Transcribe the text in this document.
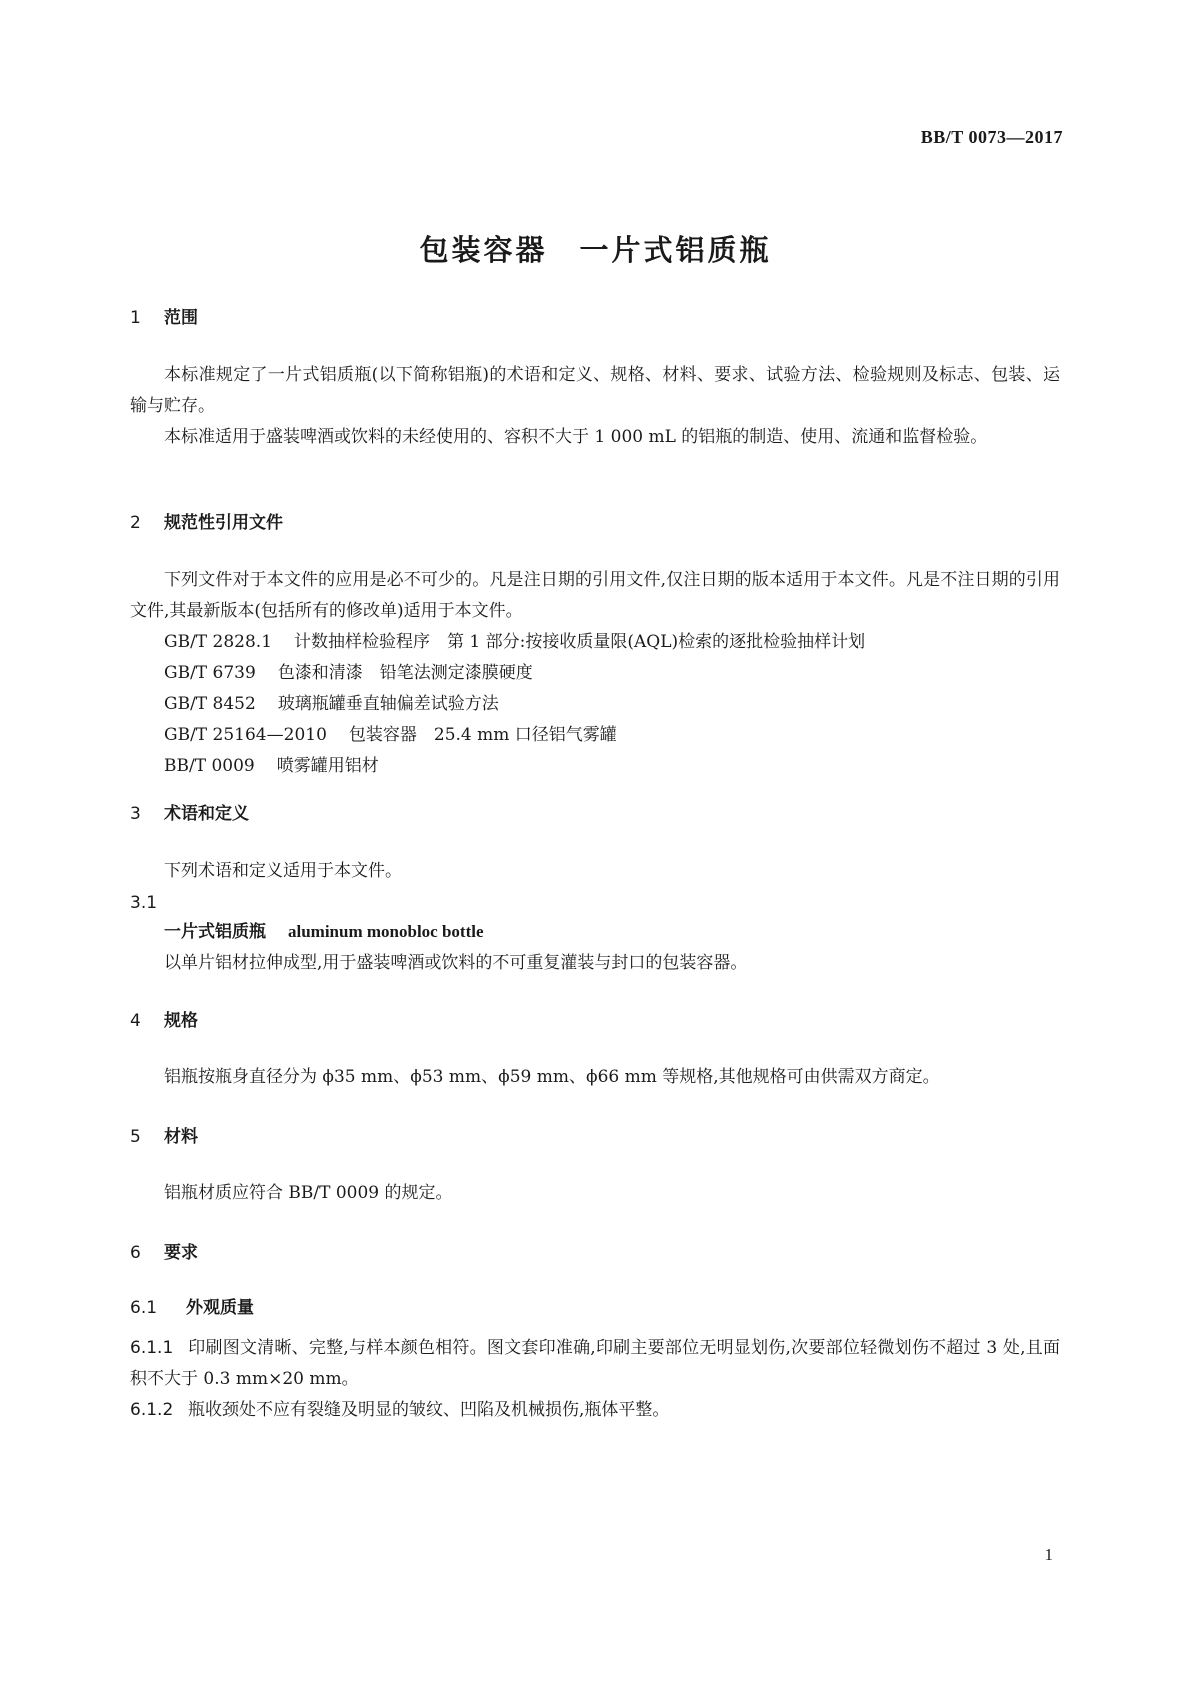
BB/T 0073—2017
包装容器　一片式铝质瓶
1 范围

本标准规定了一片式铝质瓶(以下简称铝瓶)的术语和定义、规格、材料、要求、试验方法、检验规则及标志、包装、运输与贮存。

本标准适用于盛装啤酒或饮料的未经使用的、容积不大于 1 000 mL 的铝瓶的制造、使用、流通和监督检验。

2 规范性引用文件

下列文件对于本文件的应用是必不可少的。凡是注日期的引用文件,仅注日期的版本适用于本文件。凡是不注日期的引用文件,其最新版本(包括所有的修改单)适用于本文件。

GB/T 2828.1 计数抽样检验程序　第 1 部分:按接收质量限(AQL)检索的逐批检验抽样计划

GB/T 6739 色漆和清漆　铅笔法测定漆膜硬度

GB/T 8452 玻璃瓶罐垂直轴偏差试验方法

GB/T 25164—2010 包装容器　25.4 mm 口径铝气雾罐

BB/T 0009 喷雾罐用铝材

3 术语和定义

下列术语和定义适用于本文件。

3.1

一片式铝质瓶 aluminum monobloc bottle

以单片铝材拉伸成型,用于盛装啤酒或饮料的不可重复灌装与封口的包装容器。

4 规格

铝瓶按瓶身直径分为 ϕ35 mm、ϕ53 mm、ϕ59 mm、ϕ66 mm 等规格,其他规格可由供需双方商定。

5 材料

铝瓶材质应符合 BB/T 0009 的规定。

6 要求
6.1 外观质量

6.1.1 印刷图文清晰、完整,与样本颜色相符。图文套印准确,印刷主要部位无明显划伤,次要部位轻微划伤不超过 3 处,且面积不大于 0.3 mm×20 mm。

6.1.2 瓶收颈处不应有裂缝及明显的皱纹、凹陷及机械损伤,瓶体平整。

1
